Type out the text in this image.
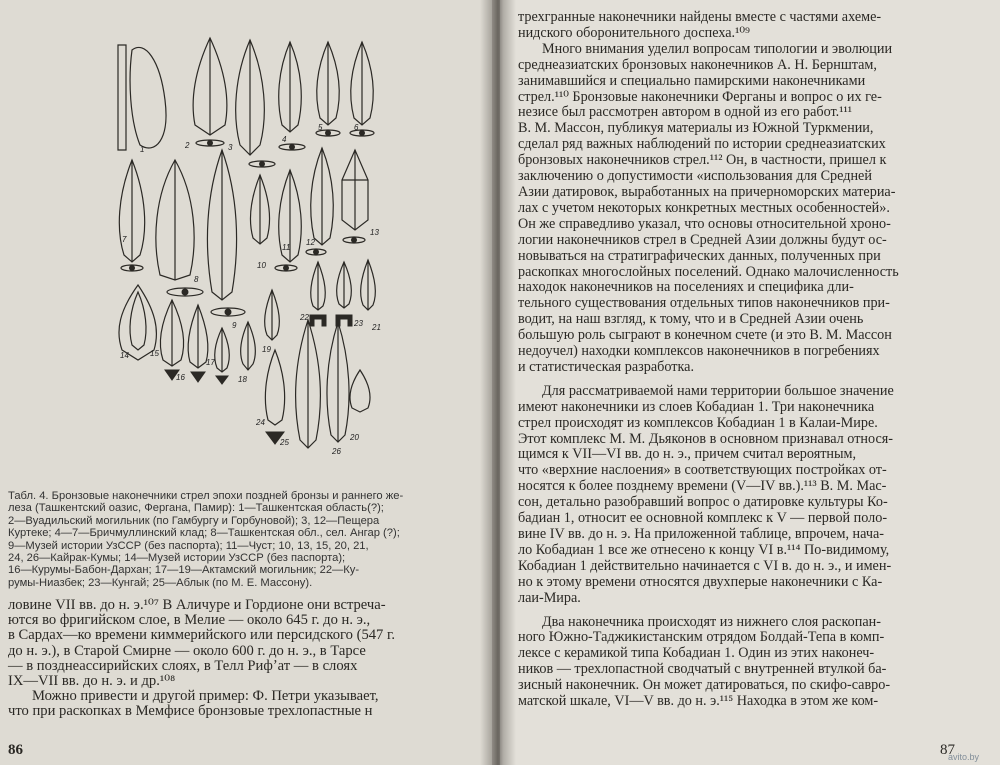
1	2	3
4
5	6
7
8
9
10
11
12
13
14	15
16
17
18
19
20
21
22
23
24
25
26
Табл. 4. Бронзовые наконечники стрел эпохи поздней бронзы и раннего же-
леза (Ташкентский оазис, Фергана, Памир): 1—Ташкентская область(?);
2—Вуадильский могильник (по Гамбургу и Горбуновой); 3, 12—Пещера
Куртеке; 4—7—Бричмуллинский клад; 8—Ташкентская обл., сел. Ангар (?);
9—Музей истории УзССР (без паспорта); 11—Чуст; 10, 13, 15, 20, 21,
24, 26—Кайрак-Кумы; 14—Музей истории УзССР (без паспорта);
16—Курумы-Бабон-Дархан; 17—19—Актамский могильник; 22—Ку-
румы-Ниазбек; 23—Кунгай; 25—Аблык (по М. Е. Массону).
ловине VII вв. до н. э.¹⁰⁷ В Аличуре и Гордионе они встреча-
ются во фригийском слое, в Мелие — около 645 г. до н. э.,
в Сардах—ко времени киммерийского или персидского (547 г.
до н. э.), в Старой Смирне — около 600 г. до н. э., в Тарсе
— в позднеассирийских слоях, в Телл Рифʼат — в слоях
IX—VII вв. до н. э. и др.¹⁰⁸
Можно привести и другой пример: Ф. Петри указывает,
что при раскопках в Мемфисе бронзовые трехлопастные н
86
трехгранные наконечники найдены вместе с частями ахеме-
нидского оборонительного доспеха.¹⁰⁹
Много внимания уделил вопросам типологии и эволюции
среднеазиатских бронзовых наконечников А. Н. Бернштам,
занимавшийся и специально памирскими наконечниками
стрел.¹¹⁰ Бронзовые наконечники Ферганы и вопрос о их ге-
незисе был рассмотрен автором в одной из его работ.¹¹¹
В. М. Массон, публикуя материалы из Южной Туркмении,
сделал ряд важных наблюдений по истории среднеазиатских
бронзовых наконечников стрел.¹¹² Он, в частности, пришел к
заключению о допустимости «использования для Средней
Азии датировок, выработанных на причерноморских материа-
лах с учетом некоторых конкретных местных особенностей».
Он же справедливо указал, что основы относительной хроно-
логии наконечников стрел в Средней Азии должны будут ос-
новываться на стратиграфических данных, полученных при
раскопках многослойных поселений. Однако малочисленность
находок наконечников на поселениях и специфика дли-
тельного существования отдельных типов наконечников при-
водит, на наш взгляд, к тому, что и в Средней Азии очень
большую роль сыграют в конечном счете (и это В. М. Массон
недоучел) находки комплексов наконечников в погребениях
и статистическая разработка.
Для рассматриваемой нами территории большое значение
имеют наконечники из слоев Кобадиан 1. Три наконечника
стрел происходят из комплексов Кобадиан 1 в Калаи-Мире.
Этот комплекс М. М. Дьяконов в основном признавал относя-
щимся к VII—VI вв. до н. э., причем считал вероятным,
что «верхние наслоения» в соответствующих постройках от-
носятся к более позднему времени (V—IV вв.).¹¹³ В. М. Мас-
сон, детально разобравший вопрос о датировке культуры Ко-
бадиан 1, относит ее основной комплекс к V — первой поло-
вине IV вв. до н. э. На приложенной таблице, впрочем, нача-
ло Кобадиан 1 все же отнесено к концу VI в.¹¹⁴ По-видимому,
Кобадиан 1 действительно начинается с VI в. до н. э., и имен-
но к этому времени относятся двухперые наконечники с Ка-
лаи-Мира.
Два наконечника происходят из нижнего слоя раскопан-
ного Южно-Таджикистанским отрядом Болдай-Тепа в комп-
лексе с керамикой типа Кобадиан 1. Один из этих наконеч-
ников — трехлопастной сводчатый с внутренней втулкой ба-
зисный наконечник. Он может датироваться, по скифо-савро-
матской шкале, VI—V вв. до н. э.¹¹⁵ Находка в этом же ком-
87
avito.by
